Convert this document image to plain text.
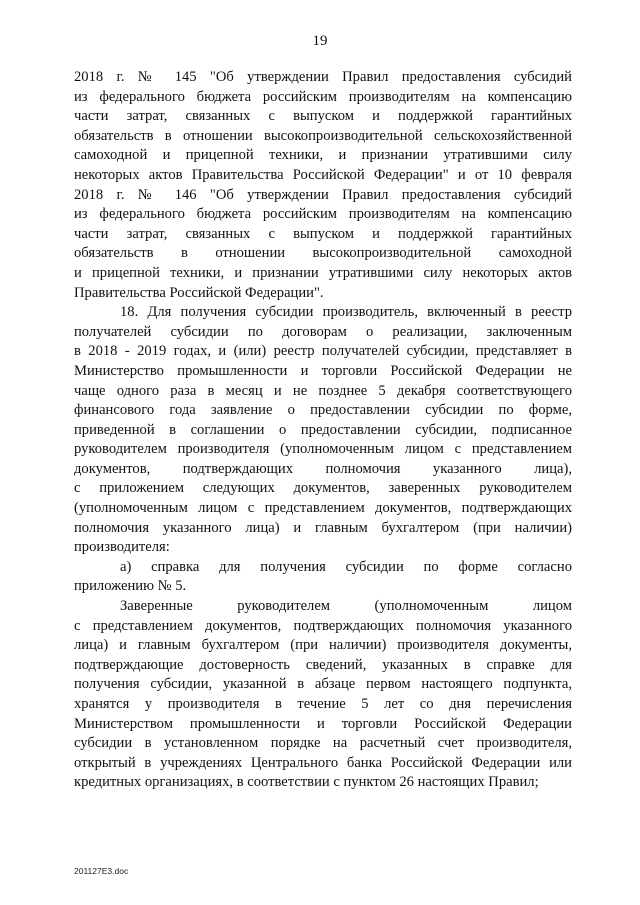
19
2018 г. № 145 "Об утверждении Правил предоставления субсидий
из федерального бюджета российским производителям на компенсацию
части затрат, связанных с выпуском и поддержкой гарантийных
обязательств в отношении высокопроизводительной сельскохозяйственной
самоходной и прицепной техники, и признании утратившими силу
некоторых актов Правительства Российской Федерации" и от 10 февраля
2018 г. № 146 "Об утверждении Правил предоставления субсидий
из федерального бюджета российским производителям на компенсацию
части затрат, связанных с выпуском и поддержкой гарантийных
обязательств в отношении высокопроизводительной самоходной
и прицепной техники, и признании утратившими силу некоторых актов
Правительства Российской Федерации".
18. Для получения субсидии производитель, включенный в реестр
получателей субсидии по договорам о реализации, заключенным
в 2018 - 2019 годах, и (или) реестр получателей субсидии, представляет в
Министерство промышленности и торговли Российской Федерации не
чаще одного раза в месяц и не позднее 5 декабря соответствующего
финансового года заявление о предоставлении субсидии по форме,
приведенной в соглашении о предоставлении субсидии, подписанное
руководителем производителя (уполномоченным лицом с представлением
документов, подтверждающих полномочия указанного лица),
с приложением следующих документов, заверенных руководителем
(уполномоченным лицом с представлением документов, подтверждающих
полномочия указанного лица) и главным бухгалтером (при наличии)
производителя:
а) справка для получения субсидии по форме согласно
приложению № 5.
Заверенные руководителем (уполномоченным лицом
с представлением документов, подтверждающих полномочия указанного
лица) и главным бухгалтером (при наличии) производителя документы,
подтверждающие достоверность сведений, указанных в справке для
получения субсидии, указанной в абзаце первом настоящего подпункта,
хранятся у производителя в течение 5 лет со дня перечисления
Министерством промышленности и торговли Российской Федерации
субсидии в установленном порядке на расчетный счет производителя,
открытый в учреждениях Центрального банка Российской Федерации или
кредитных организациях, в соответствии с пунктом 26 настоящих Правил;
201127E3.doc
